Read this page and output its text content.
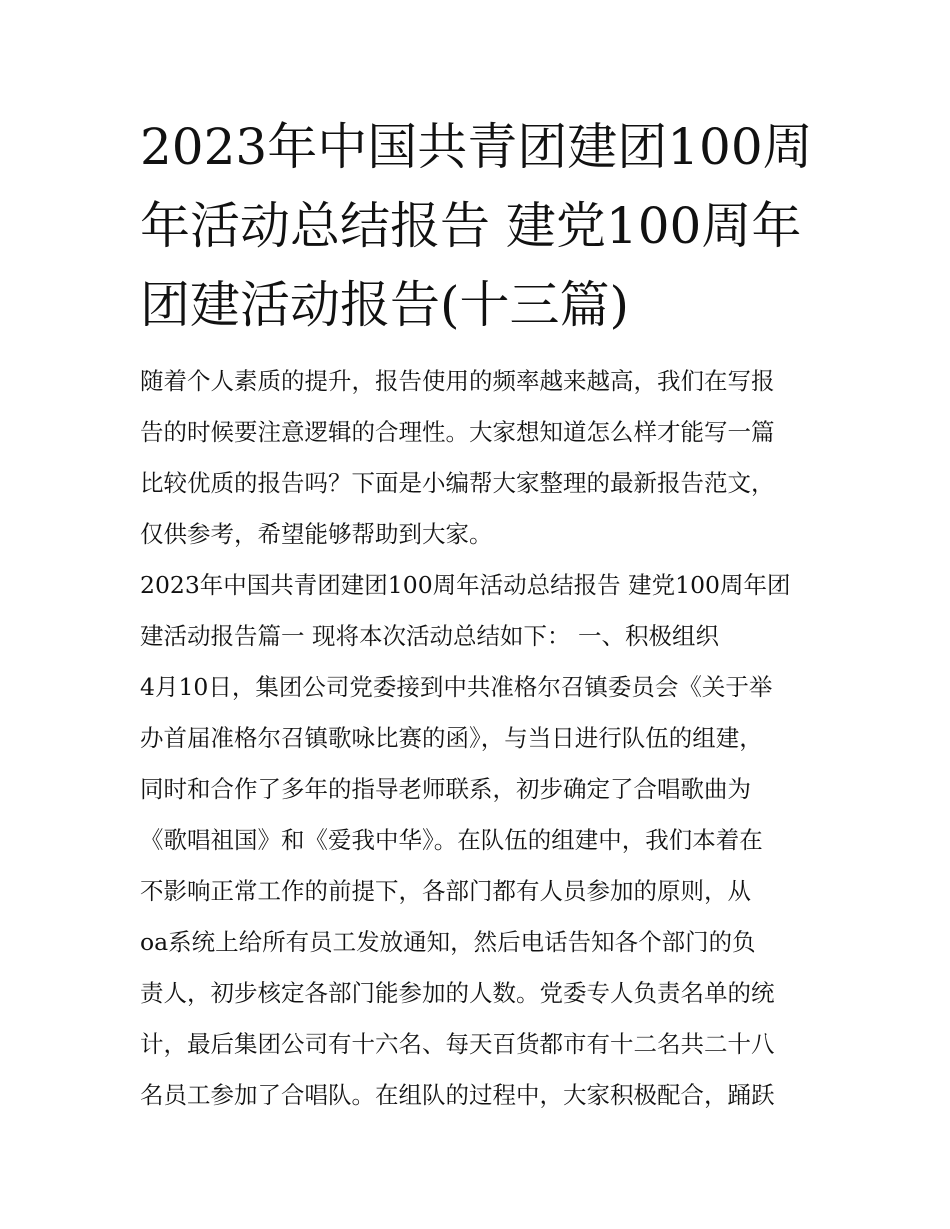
2023年中国共青团建团100周
年活动总结报告 建党100周年
团建活动报告(十三篇)
随着个人素质的提升，报告使用的频率越来越高，我们在写报
告的时候要注意逻辑的合理性。大家想知道怎么样才能写一篇
比较优质的报告吗？下面是小编帮大家整理的最新报告范文，
仅供参考，希望能够帮助到大家。
2023年中国共青团建团100周年活动总结报告 建党100周年团
建活动报告篇一 现将本次活动总结如下： 一、积极组织
4月10日，集团公司党委接到中共准格尔召镇委员会《关于举
办首届准格尔召镇歌咏比赛的函》，与当日进行队伍的组建，
同时和合作了多年的指导老师联系，初步确定了合唱歌曲为
《歌唱祖国》和《爱我中华》。在队伍的组建中，我们本着在
不影响正常工作的前提下，各部门都有人员参加的原则，从
oa系统上给所有员工发放通知，然后电话告知各个部门的负
责人，初步核定各部门能参加的人数。党委专人负责名单的统
计，最后集团公司有十六名、每天百货都市有十二名共二十八
名员工参加了合唱队。在组队的过程中，大家积极配合，踊跃
